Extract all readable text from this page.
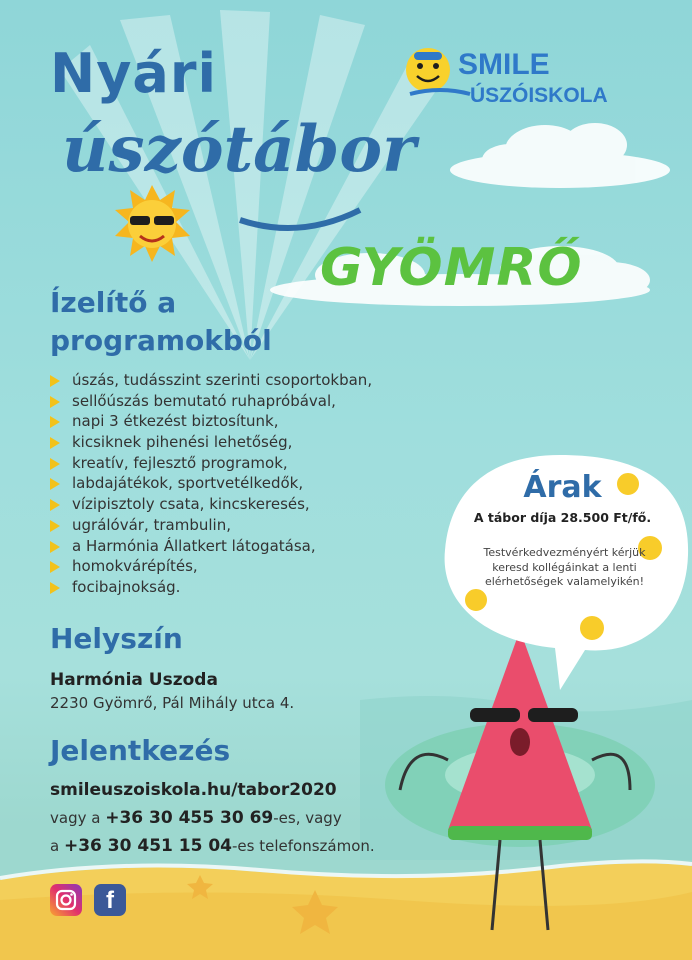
SMILE
ÚSZÓISKOLA
Nyári
úszótábor
GYÖMRŐ
Ízelítő a
programokból
úszás, tudásszint szerinti csoportokban,
sellőúszás bemutató ruhapróbával,
napi 3 étkezést biztosítunk,
kicsiknek pihenési lehetőség,
kreatív, fejlesztő programok,
labdajátékok, sportvetélkedők,
vízipisztoly csata, kincskeresés,
ugrálóvár, trambulin,
a Harmónia Állatkert látogatása,
homokvárépítés,
focibajnokság.
Helyszín
Harmónia Uszoda
2230 Gyömrő, Pál Mihály utca 4.
Jelentkezés
smileuszoiskola.hu/tabor2020
vagy a +36 30 455 30 69-es, vagy
a +36 30 451 15 04-es telefonszámon.
Árak
A tábor díja 28.500 Ft/fő.
Testvérkedvezményért kérjük keresd kollégáinkat a lenti elérhetőségek valamelyikén!
f
